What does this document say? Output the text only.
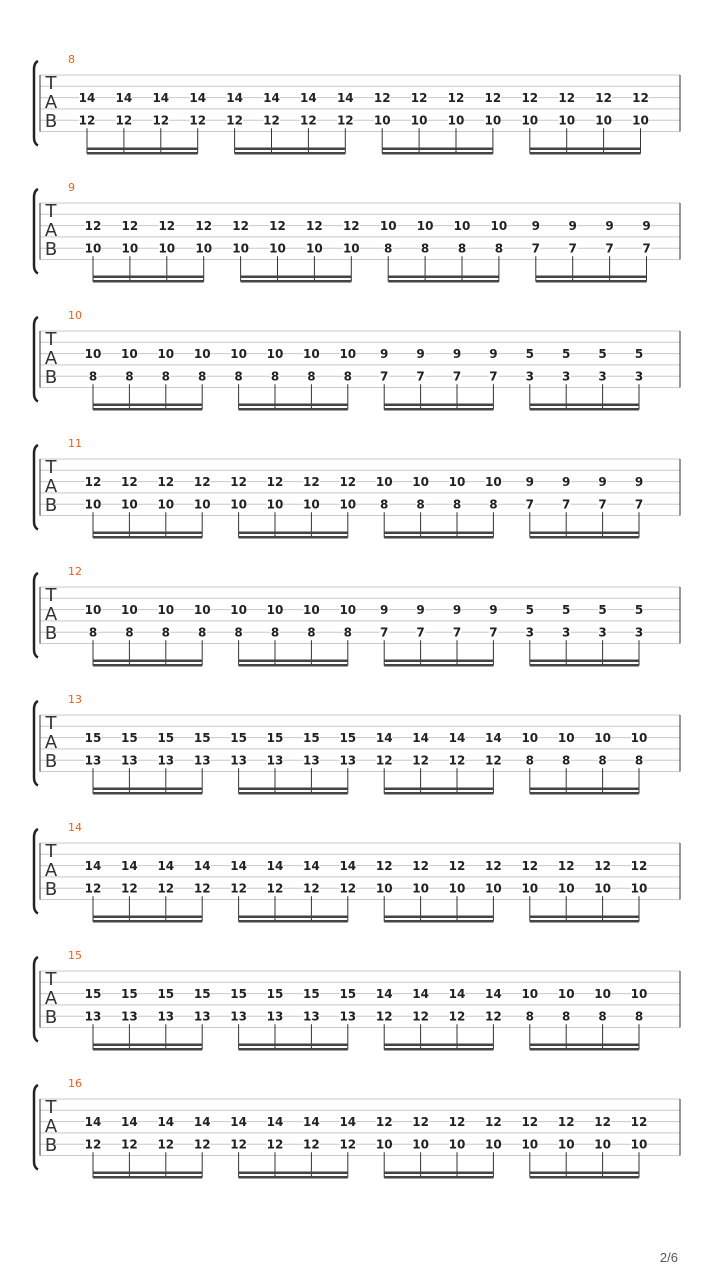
8
T
A
B
14
12
14
12
14
12
14
12
14
12
14
12
14
12
14
12
12
10
12
10
12
10
12
10
12
10
12
10
12
10
12
10
9
T
A
B
12
10
12
10
12
10
12
10
12
10
12
10
12
10
12
10
10
8
10
8
10
8
10
8
9
7
9
7
9
7
9
7
10
T
A
B
10
8
10
8
10
8
10
8
10
8
10
8
10
8
10
8
9
7
9
7
9
7
9
7
5
3
5
3
5
3
5
3
11
T
A
B
12
10
12
10
12
10
12
10
12
10
12
10
12
10
12
10
10
8
10
8
10
8
10
8
9
7
9
7
9
7
9
7
12
T
A
B
10
8
10
8
10
8
10
8
10
8
10
8
10
8
10
8
9
7
9
7
9
7
9
7
5
3
5
3
5
3
5
3
13
T
A
B
15
13
15
13
15
13
15
13
15
13
15
13
15
13
15
13
14
12
14
12
14
12
14
12
10
8
10
8
10
8
10
8
14
T
A
B
14
12
14
12
14
12
14
12
14
12
14
12
14
12
14
12
12
10
12
10
12
10
12
10
12
10
12
10
12
10
12
10
15
T
A
B
15
13
15
13
15
13
15
13
15
13
15
13
15
13
15
13
14
12
14
12
14
12
14
12
10
8
10
8
10
8
10
8
16
T
A
B
14
12
14
12
14
12
14
12
14
12
14
12
14
12
14
12
12
10
12
10
12
10
12
10
12
10
12
10
12
10
12
10
2/6
